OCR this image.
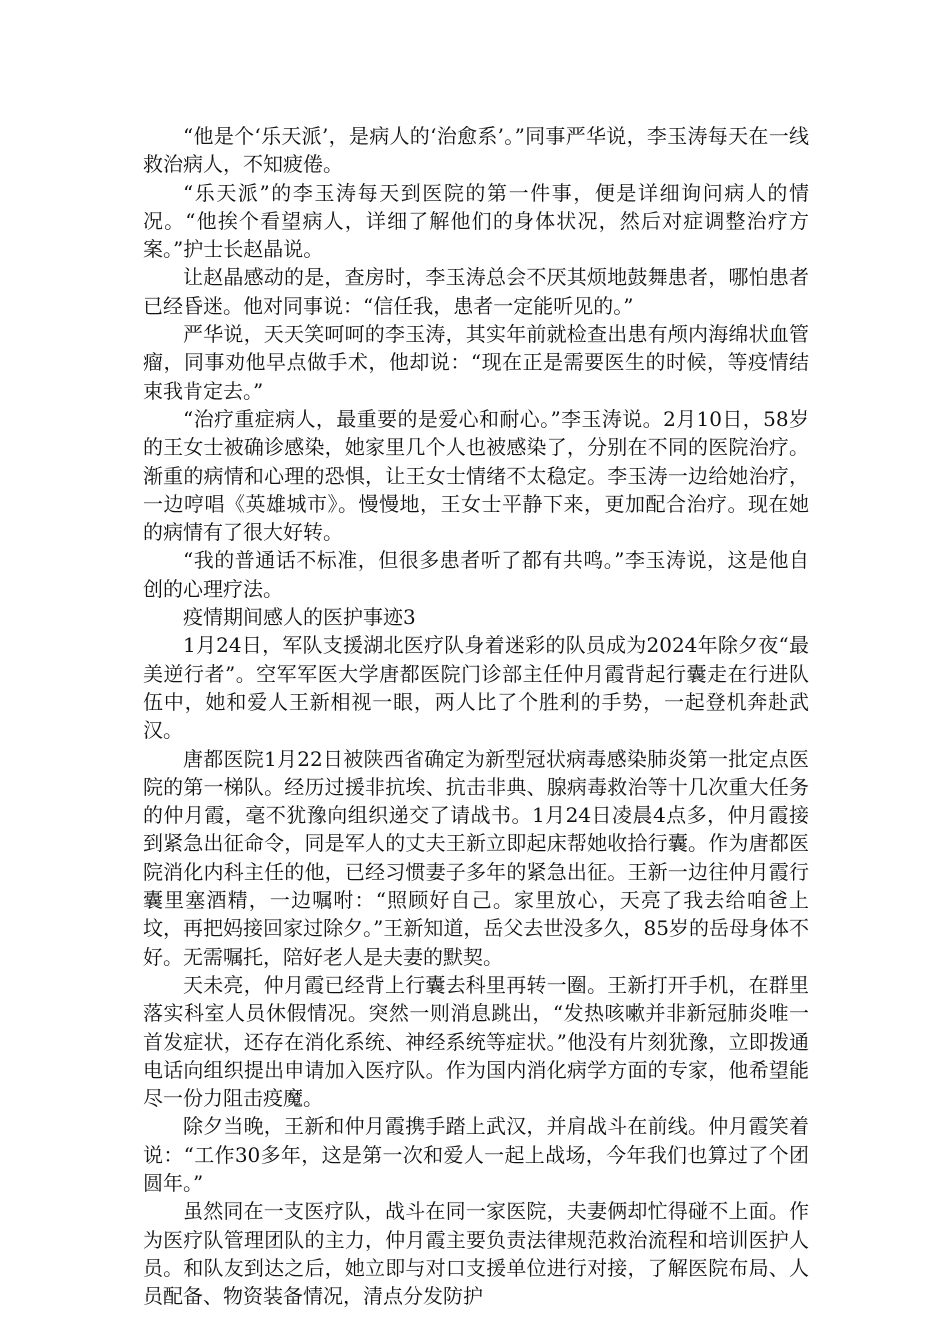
“他是个‘乐天派’，是病人的‘治愈系’。”同事严华说，李玉涛每天在一线救治病人，不知疲倦。

“乐天派”的李玉涛每天到医院的第一件事，便是详细询问病人的情况。“他挨个看望病人，详细了解他们的身体状况，然后对症调整治疗方案。”护士长赵晶说。

让赵晶感动的是，查房时，李玉涛总会不厌其烦地鼓舞患者，哪怕患者已经昏迷。他对同事说：“信任我，患者一定能听见的。”

严华说，天天笑呵呵的李玉涛，其实年前就检查出患有颅内海绵状血管瘤，同事劝他早点做手术，他却说：“现在正是需要医生的时候，等疫情结束我肯定去。”

“治疗重症病人，最重要的是爱心和耐心。”李玉涛说。2月10日，58岁的王女士被确诊感染，她家里几个人也被感染了，分别在不同的医院治疗。渐重的病情和心理的恐惧，让王女士情绪不太稳定。李玉涛一边给她治疗，一边哼唱《英雄城市》。慢慢地，王女士平静下来，更加配合治疗。现在她的病情有了很大好转。

“我的普通话不标准，但很多患者听了都有共鸣。”李玉涛说，这是他自创的心理疗法。

疫情期间感人的医护事迹3

1月24日，军队支援湖北医疗队身着迷彩的队员成为2024年除夕夜“最美逆行者”。空军军医大学唐都医院门诊部主任仲月霞背起行囊走在行进队伍中，她和爱人王新相视一眼，两人比了个胜利的手势，一起登机奔赴武汉。

唐都医院1月22日被陕西省确定为新型冠状病毒感染肺炎第一批定点医院的第一梯队。经历过援非抗埃、抗击非典、腺病毒救治等十几次重大任务的仲月霞，毫不犹豫向组织递交了请战书。1月24日凌晨4点多，仲月霞接到紧急出征命令，同是军人的丈夫王新立即起床帮她收拾行囊。作为唐都医院消化内科主任的他，已经习惯妻子多年的紧急出征。王新一边往仲月霞行囊里塞酒精，一边嘱咐：“照顾好自己。家里放心，天亮了我去给咱爸上坟，再把妈接回家过除夕。”王新知道，岳父去世没多久，85岁的岳母身体不好。无需嘱托，陪好老人是夫妻的默契。

天未亮，仲月霞已经背上行囊去科里再转一圈。王新打开手机，在群里落实科室人员休假情况。突然一则消息跳出，“发热咳嗽并非新冠肺炎唯一首发症状，还存在消化系统、神经系统等症状。”他没有片刻犹豫，立即拨通电话向组织提出申请加入医疗队。作为国内消化病学方面的专家，他希望能尽一份力阻击疫魔。

除夕当晚，王新和仲月霞携手踏上武汉，并肩战斗在前线。仲月霞笑着说：“工作30多年，这是第一次和爱人一起上战场，今年我们也算过了个团圆年。”

虽然同在一支医疗队，战斗在同一家医院，夫妻俩却忙得碰不上面。作为医疗队管理团队的主力，仲月霞主要负责法律规范救治流程和培训医护人员。和队友到达之后，她立即与对口支援单位进行对接，了解医院布局、人员配备、物资装备情况，清点分发防护
